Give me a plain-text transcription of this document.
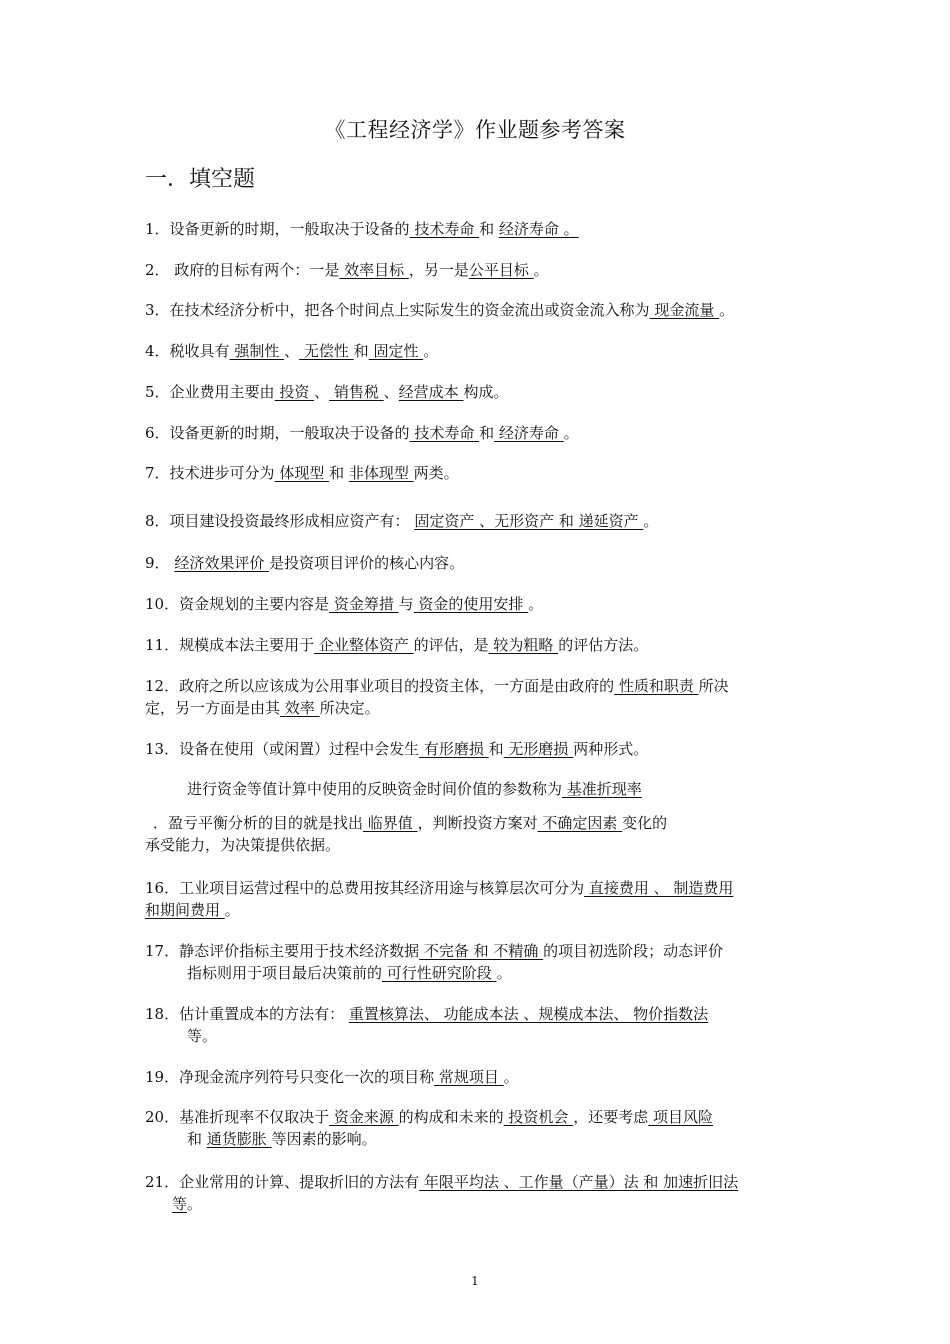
《工程经济学》作业题参考答案
一．填空题
1．设备更新的时期，一般取决于设备的 技术寿命 和 经济寿命 。
2． 政府的目标有两个：一是 效率目标 ，另一是公平目标 。
3．在技术经济分析中，把各个时间点上实际发生的资金流出或资金流入称为 现金流量 。
4．税收具有 强制性 、 无偿性 和 固定性 。
5．企业费用主要由 投资 、 销售税 、经营成本 构成。
6．设备更新的时期，一般取决于设备的 技术寿命 和 经济寿命 。
7．技术进步可分为 体现型 和 非体现型 两类。
8．项目建设投资最终形成相应资产有： 固定资产 、无形资产 和 递延资产 。
9． 经济效果评价 是投资项目评价的核心内容。
10．资金规划的主要内容是 资金筹措 与 资金的使用安排 。
11．规模成本法主要用于 企业整体资产 的评估，是 较为粗略 的评估方法。
12．政府之所以应该成为公用事业项目的投资主体，一方面是由政府的 性质和职责 所决
定，另一方面是由其 效率 所决定。
13．设备在使用（或闲置）过程中会发生 有形磨损 和 无形磨损 两种形式。
进行资金等值计算中使用的反映资金时间价值的参数称为 基准折现率
．盈亏平衡分析的目的就是找出 临界值 ，判断投资方案对 不确定因素 变化的
承受能力，为决策提供依据。
16．工业项目运营过程中的总费用按其经济用途与核算层次可分为 直接费用 、 制造费用
和期间费用 。
17．静态评价指标主要用于技术经济数据 不完备 和 不精确 的项目初选阶段；动态评价
指标则用于项目最后决策前的 可行性研究阶段 。
18．估计重置成本的方法有： 重置核算法、 功能成本法 、规模成本法、 物价指数法
等。
19．净现金流序列符号只变化一次的项目称 常规项目 。
20．基准折现率不仅取决于 资金来源 的构成和未来的 投资机会 ，还要考虑 项目风险
和 通货膨胀 等因素的影响。
21．企业常用的计算、提取折旧的方法有 年限平均法 、工作量（产量）法 和 加速折旧法
等。
1
